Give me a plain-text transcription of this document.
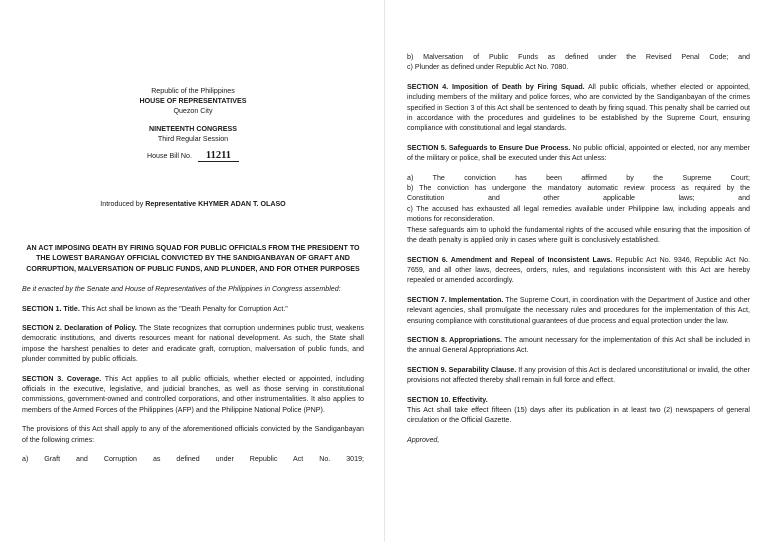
Republic of the Philippines
HOUSE OF REPRESENTATIVES
Quezon City
NINETEENTH CONGRESS
Third Regular Session
House Bill No. 11211
Introduced by Representative KHYMER ADAN T. OLASO
AN ACT IMPOSING DEATH BY FIRING SQUAD FOR PUBLIC OFFICIALS FROM THE PRESIDENT TO THE LOWEST BARANGAY OFFICIAL CONVICTED BY THE SANDIGANBAYAN OF GRAFT AND CORRUPTION, MALVERSATION OF PUBLIC FUNDS, AND PLUNDER, AND FOR OTHER PURPOSES

Be it enacted by the Senate and House of Representatives of the Philippines in Congress assembled:

SECTION 1. Title. This Act shall be known as the "Death Penalty for Corruption Act."

SECTION 2. Declaration of Policy. The State recognizes that corruption undermines public trust, weakens democratic institutions, and diverts resources meant for national development. As such, the State shall impose the harshest penalties to deter and eradicate graft, corruption, malversation of public funds, and plunder committed by public officials.

SECTION 3. Coverage. This Act applies to all public officials, whether elected or appointed, including officials in the executive, legislative, and judicial branches, as well as those serving in constitutional commissions, government-owned and controlled corporations, and other instrumentalities. It also applies to members of the Armed Forces of the Philippines (AFP) and the Philippine National Police (PNP).

The provisions of this Act shall apply to any of the aforementioned officials convicted by the Sandiganbayan of the following crimes:

a) Graft and Corruption as defined under Republic Act No. 3019;

b) Malversation of Public Funds as defined under the Revised Penal Code; and

c) Plunder as defined under Republic Act No. 7080.

SECTION 4. Imposition of Death by Firing Squad. All public officials, whether elected or appointed, including members of the military and police forces, who are convicted by the Sandiganbayan of the crimes specified in Section 3 of this Act shall be sentenced to death by firing squad. This penalty shall be carried out in accordance with the procedures and guidelines to be established by the Supreme Court, ensuring compliance with constitutional and legal standards.

SECTION 5. Safeguards to Ensure Due Process. No public official, appointed or elected, nor any member of the military or police, shall be executed under this Act unless:

a) The conviction has been affirmed by the Supreme Court;

b) The conviction has undergone the mandatory automatic review process as required by the

Constitution and other applicable laws; and

c) The accused has exhausted all legal remedies available under Philippine law, including appeals and motions for reconsideration.

These safeguards aim to uphold the fundamental rights of the accused while ensuring that the imposition of the death penalty is applied only in cases where guilt is conclusively established.

SECTION 6. Amendment and Repeal of Inconsistent Laws. Republic Act No. 9346, Republic Act No. 7659, and all other laws, decrees, orders, rules, and regulations inconsistent with this Act are hereby repealed or amended accordingly.

SECTION 7. Implementation. The Supreme Court, in coordination with the Department of Justice and other relevant agencies, shall promulgate the necessary rules and procedures for the implementation of this Act, ensuring compliance with constitutional guarantees of due process and equal protection under the law.

SECTION 8. Appropriations. The amount necessary for the implementation of this Act shall be included in the annual General Appropriations Act.

SECTION 9. Separability Clause. If any provision of this Act is declared unconstitutional or invalid, the other provisions not affected thereby shall remain in full force and effect.

SECTION 10. Effectivity.

This Act shall take effect fifteen (15) days after its publication in at least two (2) newspapers of general circulation or the Official Gazette.

Approved,
